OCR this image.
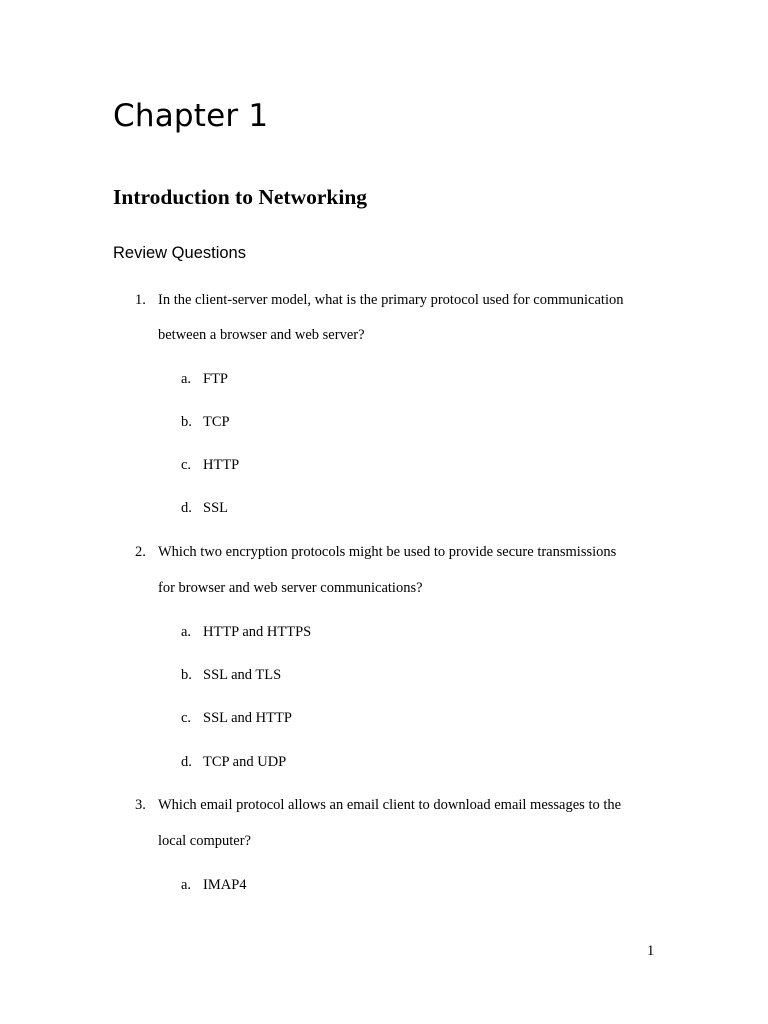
Chapter 1
Introduction to Networking
Review Questions
1. In the client-server model, what is the primary protocol used for communication
between a browser and web server?
a. FTP
b. TCP
c. HTTP
d. SSL
2. Which two encryption protocols might be used to provide secure transmissions
for browser and web server communications?
a. HTTP and HTTPS
b. SSL and TLS
c. SSL and HTTP
d. TCP and UDP
3. Which email protocol allows an email client to download email messages to the
local computer?
a. IMAP4
1
